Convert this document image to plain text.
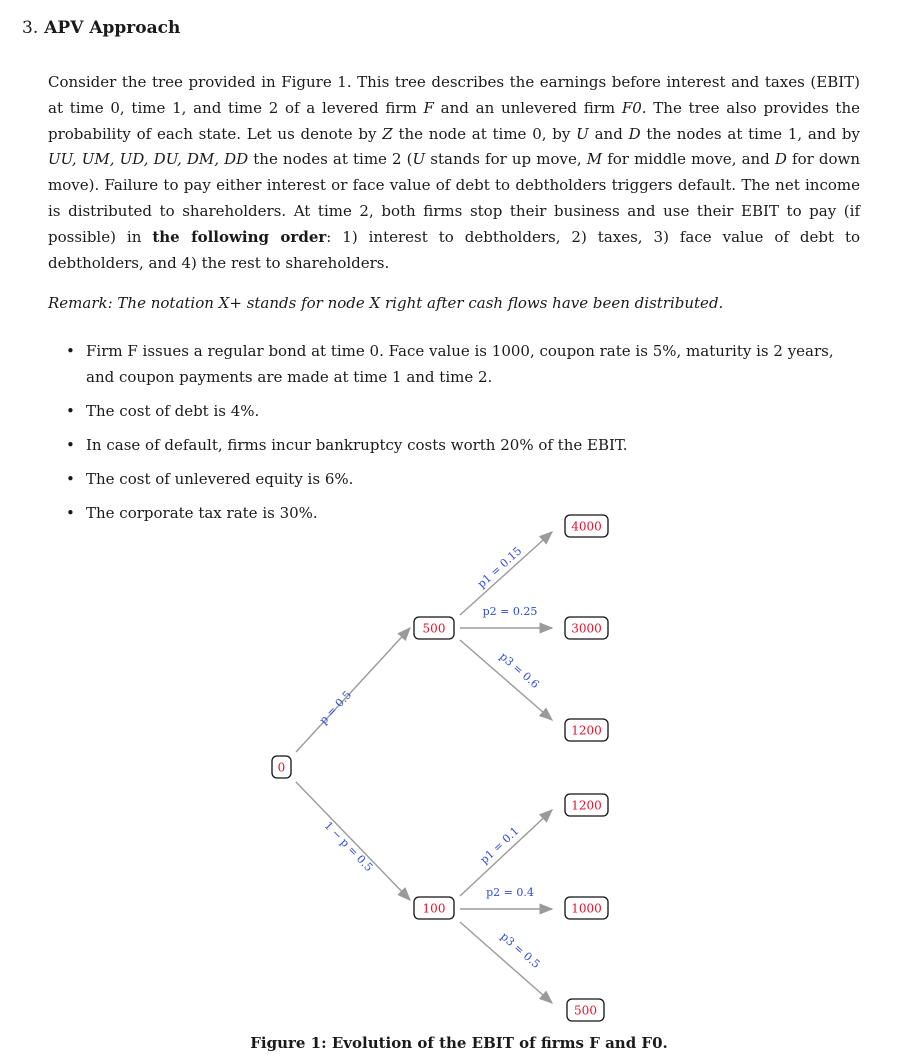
3. APV Approach

Consider the tree provided in Figure 1. This tree describes the earnings before interest and taxes (EBIT) at time 0, time 1, and time 2 of a levered firm F and an unlevered firm F0. The tree also provides the probability of each state. Let us denote by Z the node at time 0, by U and D the nodes at time 1, and by UU, UM, UD, DU, DM, DD the nodes at time 2 (U stands for up move, M for middle move, and D for down move). Failure to pay either interest or face value of debt to debtholders triggers default. The net income is distributed to shareholders. At time 2, both firms stop their business and use their EBIT to pay (if possible) in the following order: 1) interest to debtholders, 2) taxes, 3) face value of debt to debtholders, and 4) the rest to shareholders.

Remark: The notation X+ stands for node X right after cash flows have been distributed.

• Firm F issues a regular bond at time 0. Face value is 1000, coupon rate is 5%, maturity is 2 years, and coupon payments are made at time 1 and time 2.
• The cost of debt is 4%.
• In case of default, firms incur bankruptcy costs worth 20% of the EBIT.
• The cost of unlevered equity is 6%.
• The corporate tax rate is 30%.
p = 0.5
1 − p = 0.5
p1 = 0.15
p2 = 0.25
p3 = 0.6
p1 = 0.1
p2 = 0.4
p3 = 0.5
0
500
100
4000
3000
1200
1200
1000
500

Figure 1: Evolution of the EBIT of firms F and F0.
